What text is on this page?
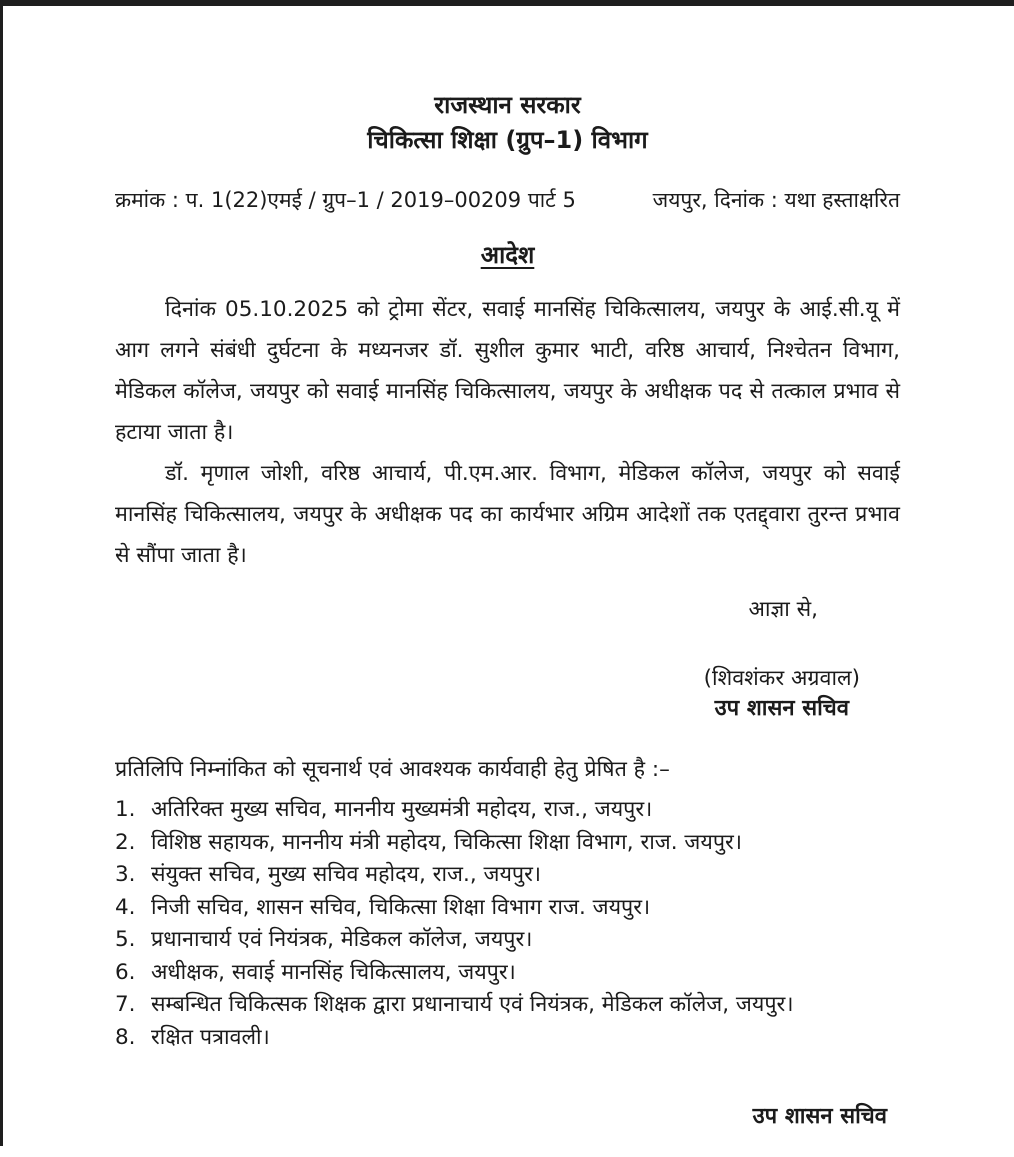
राजस्थान सरकार
चिकित्सा शिक्षा (ग्रुप–1) विभाग
क्रमांक : प. 1(22)एमई / ग्रुप–1 / 2019–00209 पार्ट 5	जयपुर, दिनांक : यथा हस्ताक्षरित
आदेश

दिनांक 05.10.2025 को ट्रोमा सेंटर, सवाई मानसिंह चिकित्सालय, जयपुर के आई.सी.यू में आग लगने संबंधी दुर्घटना के मध्यनजर डॉ. सुशील कुमार भाटी, वरिष्ठ आचार्य, निश्चेतन विभाग, मेडिकल कॉलेज, जयपुर को सवाई मानसिंह चिकित्सालय, जयपुर के अधीक्षक पद से तत्काल प्रभाव से हटाया जाता है।

डॉ. मृणाल जोशी, वरिष्ठ आचार्य, पी.एम.आर. विभाग, मेडिकल कॉलेज, जयपुर को सवाई मानसिंह चिकित्सालय, जयपुर के अधीक्षक पद का कार्यभार अग्रिम आदेशों तक एतद्द्वारा तुरन्त प्रभाव से सौंपा जाता है।

आज्ञा से,
(शिवशंकर अग्रवाल)
उप शासन सचिव
प्रतिलिपि निम्नांकित को सूचनार्थ एवं आवश्यक कार्यवाही हेतु प्रेषित है :–
1. अतिरिक्त मुख्य सचिव, माननीय मुख्यमंत्री महोदय, राज., जयपुर।
2. विशिष्ठ सहायक, माननीय मंत्री महोदय, चिकित्सा शिक्षा विभाग, राज. जयपुर।
3. संयुक्त सचिव, मुख्य सचिव महोदय, राज., जयपुर।
4. निजी सचिव, शासन सचिव, चिकित्सा शिक्षा विभाग राज. जयपुर।
5. प्रधानाचार्य एवं नियंत्रक, मेडिकल कॉलेज, जयपुर।
6. अधीक्षक, सवाई मानसिंह चिकित्सालय, जयपुर।
7. सम्बन्धित चिकित्सक शिक्षक द्वारा प्रधानाचार्य एवं नियंत्रक, मेडिकल कॉलेज, जयपुर।
8. रक्षित पत्रावली।
उप शासन सचिव
